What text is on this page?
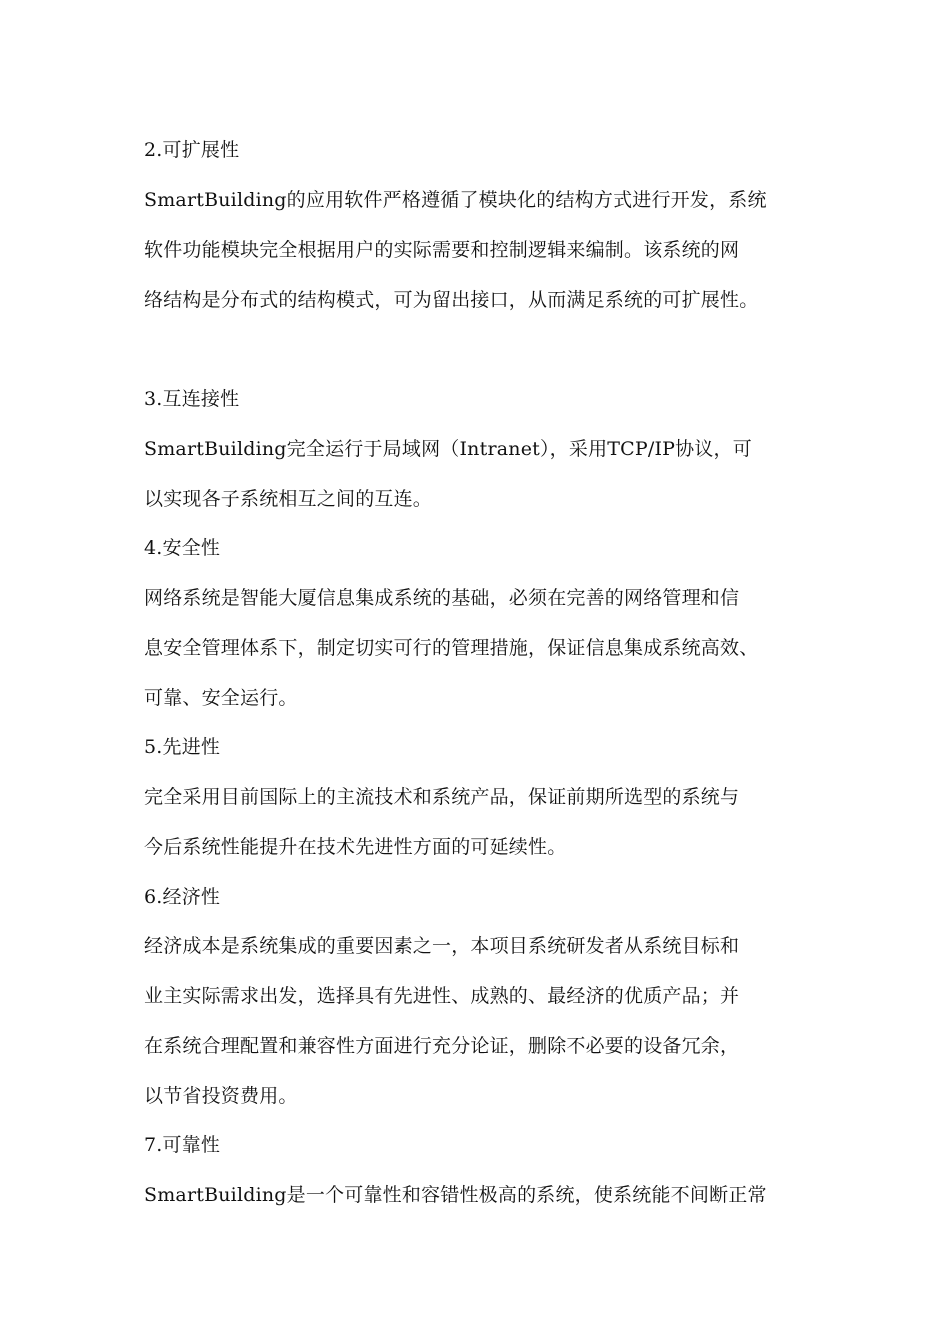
2.可扩展性
SmartBuilding的应用软件严格遵循了模块化的结构方式进行开发，系统
软件功能模块完全根据用户的实际需要和控制逻辑来编制。该系统的网
络结构是分布式的结构模式，可为留出接口，从而满足系统的可扩展性。
3.互连接性
SmartBuilding完全运行于局域网（Intranet），采用TCP/IP协议，可
以实现各子系统相互之间的互连。
4.安全性
网络系统是智能大厦信息集成系统的基础，必须在完善的网络管理和信
息安全管理体系下，制定切实可行的管理措施，保证信息集成系统高效、
可靠、安全运行。
5.先进性
完全采用目前国际上的主流技术和系统产品，保证前期所选型的系统与
今后系统性能提升在技术先进性方面的可延续性。
6.经济性
经济成本是系统集成的重要因素之一，本项目系统研发者从系统目标和
业主实际需求出发，选择具有先进性、成熟的、最经济的优质产品；并
在系统合理配置和兼容性方面进行充分论证，删除不必要的设备冗余，
以节省投资费用。
7.可靠性
SmartBuilding是一个可靠性和容错性极高的系统，使系统能不间断正常
